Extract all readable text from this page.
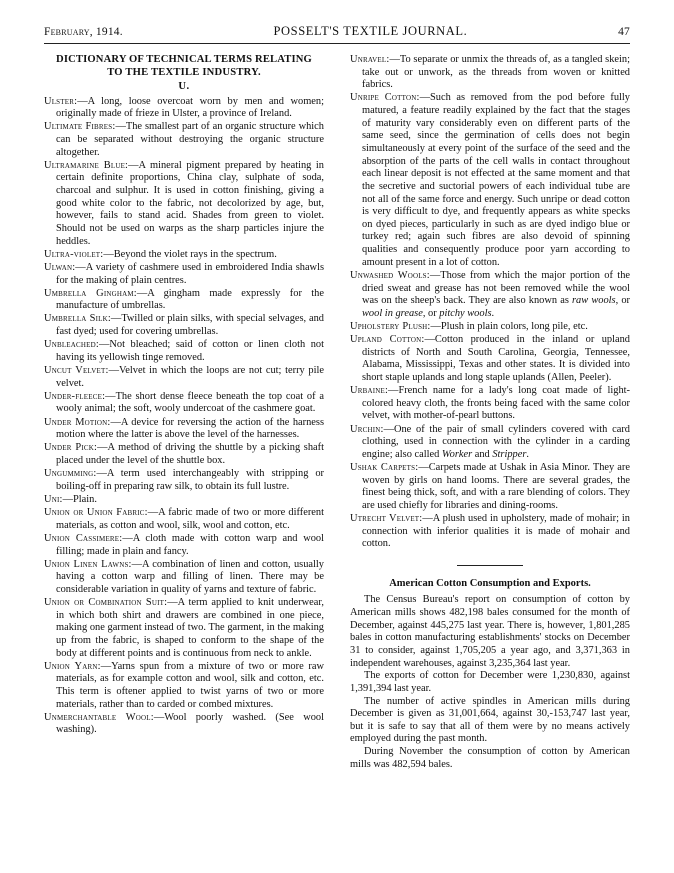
February, 1914.	POSSELT'S TEXTILE JOURNAL.	47
DICTIONARY OF TECHNICAL TERMS RELATING
TO THE TEXTILE INDUSTRY.
U.

Ulster:—A long, loose overcoat worn by men and women; originally made of frieze in Ulster, a province of Ireland.

Ultimate Fibres:—The smallest part of an organic structure which can be separated without destroying the organic structure altogether.

Ultramarine Blue:—A mineral pigment prepared by heating in certain definite proportions, China clay, sulphate of soda, charcoal and sulphur. It is used in cotton finishing, giving a good white color to the fabric, not decolorized by age, but, however, fails to stand acid. Shades from green to violet. Should not be used on warps as the sharp particles injure the heddles.

Ultra-violet:—Beyond the violet rays in the spectrum.

Ulwan:—A variety of cashmere used in embroidered India shawls for the making of plain centres.

Umbrella Gingham:—A gingham made expressly for the manufacture of umbrellas.

Umbrella Silk:—Twilled or plain silks, with special selvages, and fast dyed; used for covering umbrellas.

Unbleached:—Not bleached; said of cotton or linen cloth not having its yellowish tinge removed.

Uncut Velvet:—Velvet in which the loops are not cut; terry pile velvet.

Under-fleece:—The short dense fleece beneath the top coat of a wooly animal; the soft, wooly undercoat of the cashmere goat.

Under Motion:—A device for reversing the action of the harness motion where the latter is above the level of the harnesses.

Under Pick:—A method of driving the shuttle by a picking shaft placed under the level of the shuttle box.

Ungumming:—A term used interchangeably with stripping or boiling-off in preparing raw silk, to obtain its full lustre.

Uni:—Plain.

Union or Union Fabric:—A fabric made of two or more different materials, as cotton and wool, silk, wool and cotton, etc.

Union Cassimere:—A cloth made with cotton warp and wool filling; made in plain and fancy.

Union Linen Lawns:—A combination of linen and cotton, usually having a cotton warp and filling of linen. There may be considerable variation in quality of yarns and texture of fabric.

Union or Combination Suit:—A term applied to knit underwear, in which both shirt and drawers are combined in one piece, making one garment instead of two. The garment, in the making up from the fabric, is shaped to conform to the shape of the body at different points and is continuous from neck to ankle.

Union Yarn:—Yarns spun from a mixture of two or more raw materials, as for example cotton and wool, silk and cotton, etc. This term is oftener applied to twist yarns of two or more materials, rather than to carded or combed mixtures.

Unmerchantable Wool:—Wool poorly washed. (See wool washing).

Unravel:—To separate or unmix the threads of, as a tangled skein; take out or unwork, as the threads from woven or knitted fabrics.

Unripe Cotton:—Such as removed from the pod before fully matured, a feature readily explained by the fact that the stages of maturity vary considerably even on different parts of the same seed, since the germination of cells does not begin simultaneously at every point of the surface of the seed and the absorption of the parts of the cell walls in contact throughout each linear deposit is not effected at the same moment and that the secretive and suctorial powers of each individual tube are not all of the same force and energy. Such unripe or dead cotton is very difficult to dye, and frequently appears as white specks on dyed pieces, particularly in such as are dyed indigo blue or turkey red; again such fibres are also devoid of spinning qualities and consequently produce poor yarn according to amount present in a lot of cotton.

Unwashed Wools:—Those from which the major portion of the dried sweat and grease has not been removed while the wool was on the sheep's back. They are also known as raw wools, or wool in grease, or pitchy wools.

Upholstery Plush:—Plush in plain colors, long pile, etc.

Upland Cotton:—Cotton produced in the inland or upland districts of North and South Carolina, Georgia, Tennessee, Alabama, Mississippi, Texas and other states. It is divided into short staple uplands and long staple uplands (Allen, Peeler).

Urbaine:—French name for a lady's long coat made of light-colored heavy cloth, the fronts being faced with the same color velvet, with mother-of-pearl buttons.

Urchin:—One of the pair of small cylinders covered with card clothing, used in connection with the cylinder in a carding engine; also called Worker and Stripper.

Ushak Carpets:—Carpets made at Ushak in Asia Minor. They are woven by girls on hand looms. There are several grades, the finest being thick, soft, and with a rare blending of colors. They are used chiefly for libraries and dining-rooms.

Utrecht Velvet:—A plush used in upholstery, made of mohair; in connection with inferior qualities it is made of mohair and cotton.

American Cotton Consumption and Exports.

The Census Bureau's report on consumption of cotton by American mills shows 482,198 bales consumed for the month of December, against 445,275 last year. There is, however, 1,801,285 bales in cotton manufacturing establishments' stocks on December 31 to consider, against 1,705,205 a year ago, and 3,371,363 in independent warehouses, against 3,235,364 last year.

The exports of cotton for December were 1,230,830, against 1,391,394 last year.

The number of active spindles in American mills during December is given as 31,001,664, against 30,-153,747 last year, but it is safe to say that all of them were by no means actively employed during the past month.

During November the consumption of cotton by American mills was 482,594 bales.
